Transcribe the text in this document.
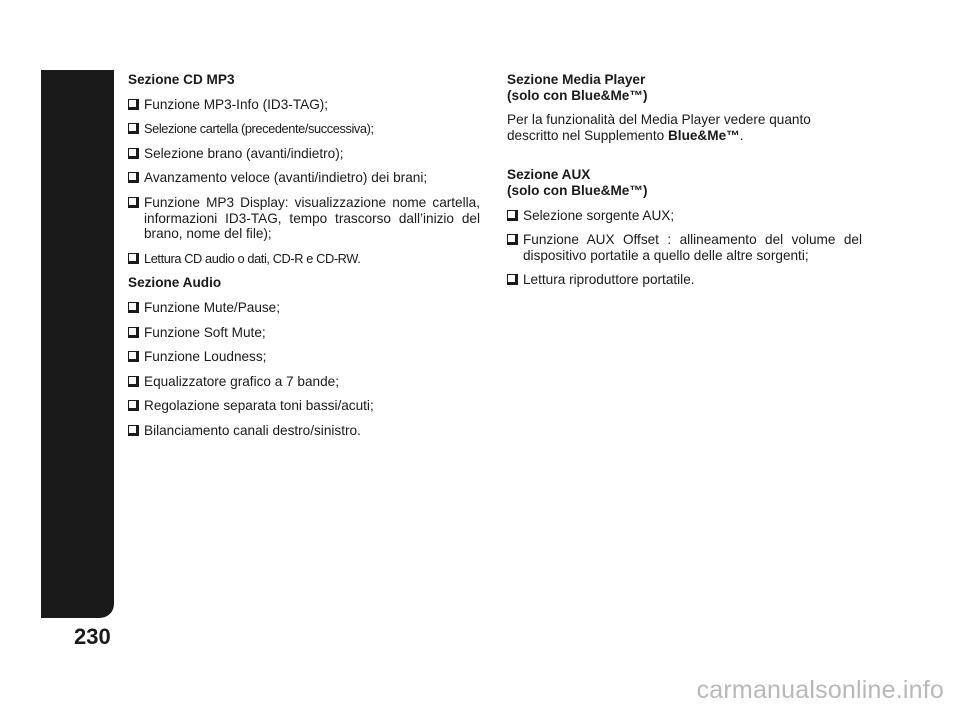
AUTORADIO
230
Sezione CD MP3
Funzione MP3-Info (ID3-TAG);
Selezione cartella (precedente/successiva);
Selezione brano (avanti/indietro);
Avanzamento veloce (avanti/indietro) dei brani;
Funzione MP3 Display: visualizzazione nome cartella, informazioni ID3-TAG, tempo trascorso dall’inizio del brano, nome del file);
Lettura CD audio o dati, CD-R e CD-RW.
Sezione Audio
Funzione Mute/Pause;
Funzione Soft Mute;
Funzione Loudness;
Equalizzatore grafico a 7 bande;
Regolazione separata toni bassi/acuti;
Bilanciamento canali destro/sinistro.
Sezione Media Player
(solo con Blue&Me™)
Per la funzionalità del Media Player vedere quanto descritto nel Supplemento Blue&Me™.
Sezione AUX
(solo con Blue&Me™)
Selezione sorgente AUX;
Funzione AUX Offset : allineamento del volume del dispositivo portatile a quello delle altre sorgenti;
Lettura riproduttore portatile.
carmanualsonline.info
